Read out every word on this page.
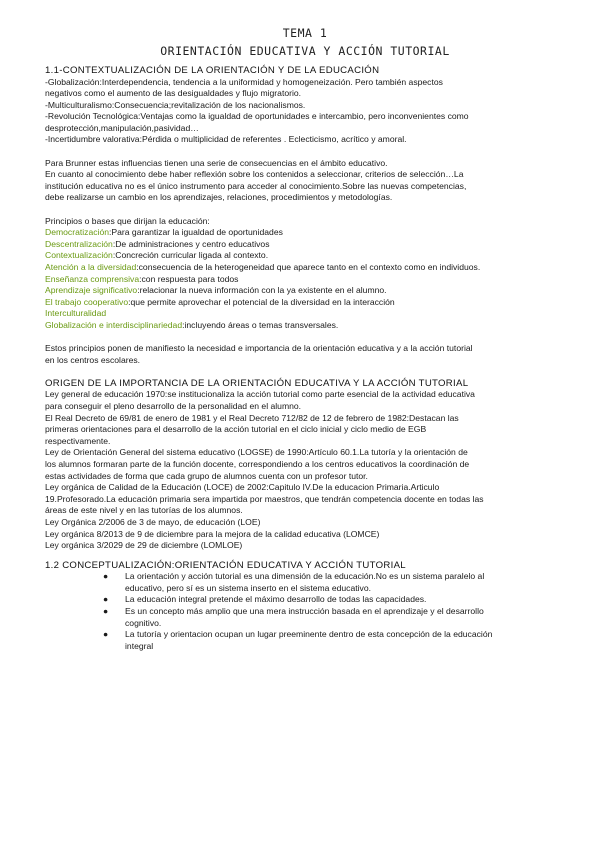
TEMA 1
ORIENTACIÓN EDUCATIVA Y ACCIÓN TUTORIAL
1.1-CONTEXTUALIZACIÓN DE LA ORIENTACIÓN Y DE LA EDUCACIÓN

-Globalización:Interdependencia, tendencia a la uniformidad y homogeneización. Pero también aspectos

negativos como el aumento de las desigualdades y flujo migratorio.

-Multiculturalismo:Consecuencia;revitalización de los nacionalismos.

-Revolución Tecnológica:Ventajas como la igualdad de oportunidades e intercambio, pero inconvenientes como

desprotección,manipulación,pasividad…

-Incertidumbre valorativa:Pérdida o multiplicidad de referentes . Eclecticismo, acrítico y amoral.

Para Brunner estas influencias tienen una serie de consecuencias en el ámbito educativo.

En cuanto al conocimiento debe haber reflexión sobre los contenidos a seleccionar, criterios de selección…La

institución educativa no es el único instrumento para acceder al conocimiento.Sobre las nuevas competencias,

debe realizarse un cambio en los aprendizajes, relaciones, procedimientos y metodologías.

Principios o bases que dirijan la educación:

Democratización:Para garantizar la igualdad de oportunidades

Descentralización:De administraciones y centro educativos

Contextualización:Concreción curricular ligada al contexto.

Atención a la diversidad:consecuencia de la heterogeneidad que aparece tanto en el contexto como en individuos.

Enseñanza comprensiva:con respuesta para todos

Aprendizaje significativo:relacionar la nueva información con la ya existente en el alumno.

El trabajo cooperativo:que permite aprovechar el potencial de la diversidad en la interacción

Interculturalidad

Globalización e interdisciplinariedad:incluyendo áreas o temas transversales.

Estos principios ponen de manifiesto la necesidad e importancia de la orientación educativa y a la acción tutorial

en los centros escolares.

ORIGEN DE LA IMPORTANCIA DE LA ORIENTACIÓN EDUCATIVA Y LA ACCIÓN TUTORIAL

Ley general de educación 1970:se institucionaliza la acción tutorial como parte esencial de la actividad educativa

para conseguir el pleno desarrollo de la personalidad en el alumno.

El Real Decreto de 69/81 de enero de 1981 y el Real Decreto 712/82 de 12 de febrero de 1982:Destacan las

primeras orientaciones para el desarrollo de la acción tutorial en el ciclo inicial y ciclo medio de EGB

respectivamente.

Ley de Orientación General del sistema educativo (LOGSE) de 1990:Artículo 60.1.La tutoría y la orientación de

los alumnos formaran parte de la función docente, correspondiendo a los centros educativos la coordinación de

estas actividades de forma que cada grupo de alumnos cuenta con un profesor tutor.

Ley orgánica de Calidad de la Educación (LOCE) de 2002:Capitulo IV.De la educacion Primaria.Articulo

19.Profesorado.La educación primaria sera impartida por maestros, que tendrán competencia docente en todas las

áreas de este nivel y en las tutorías de los alumnos.

Ley Orgánica 2/2006 de 3 de mayo, de educación (LOE)

Ley orgánica 8/2013 de 9 de diciembre para la mejora de la calidad educativa (LOMCE)

Ley orgánica 3/2029 de 29 de diciembre (LOMLOE)

1.2 CONCEPTUALIZACIÓN:ORIENTACIÓN EDUCATIVA Y ACCIÓN TUTORIAL
● La orientación y acción tutorial es una dimensión de la educación.No es un sistema paralelo al
educativo, pero sí es un sistema inserto en el sistema educativo.
● La educación integral pretende el máximo desarrollo de todas las capacidades.
● Es un concepto más amplio que una mera instrucción basada en el aprendizaje y el desarrollo
cognitivo.
● La tutoría y orientacion ocupan un lugar preeminente dentro de esta concepción de la educación
integral
